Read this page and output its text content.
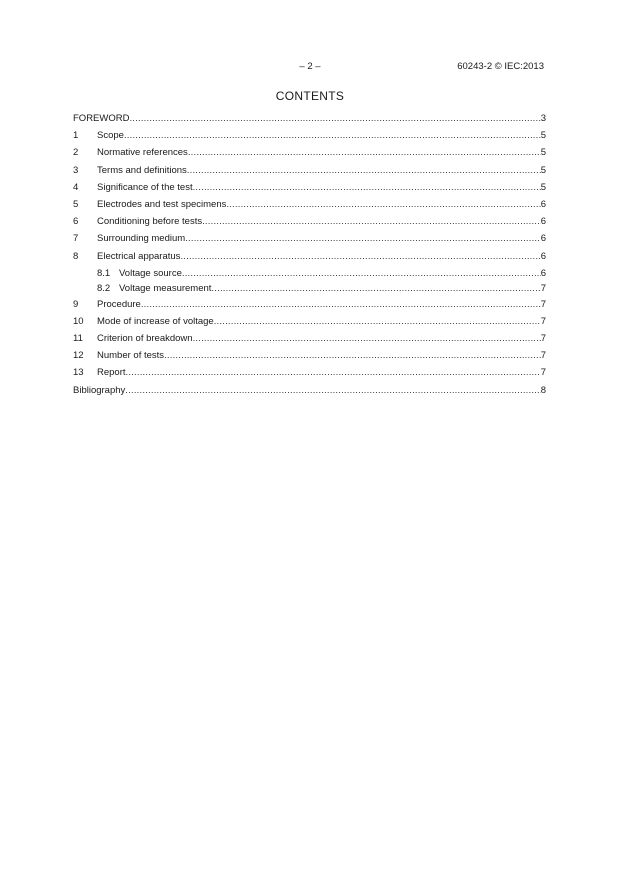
– 2 –	60243-2 © IEC:2013
CONTENTS
FOREWORD .....	3
1	Scope .....	5
2	Normative references .....	5
3	Terms and definitions .....	5
4	Significance of the test .....	5
5	Electrodes and test specimens .....	6
6	Conditioning before tests .....	6
7	Surrounding medium .....	6
8	Electrical apparatus .....	6
8.1 Voltage source .....	6
8.2 Voltage measurement .....	7
9	Procedure .....	7
10	Mode of increase of voltage .....	7
11	Criterion of breakdown .....	7
12	Number of tests .....	7
13	Report .....	7
Bibliography .....	8
